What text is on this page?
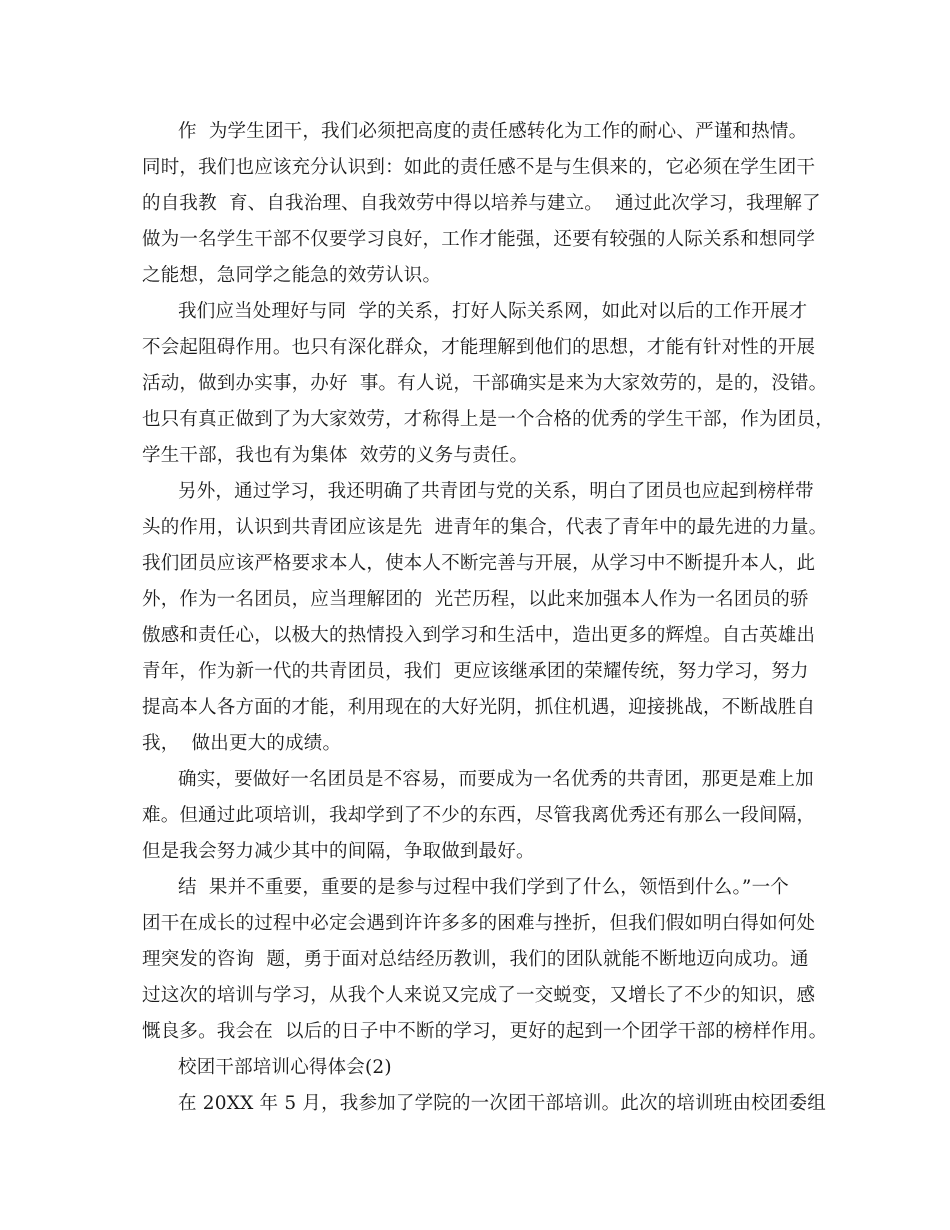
作  为学生团干，我们必须把高度的责任感转化为工作的耐心、严谨和热情。
同时，我们也应该充分认识到：如此的责任感不是与生俱来的，它必须在学生团干
的自我教  育、自我治理、自我效劳中得以培养与建立。  通过此次学习，我理解了
做为一名学生干部不仅要学习良好，工作才能强，还要有较强的人际关系和想同学
之能想，急同学之能急的效劳认识。
我们应当处理好与同  学的关系，打好人际关系网，如此对以后的工作开展才
不会起阻碍作用。也只有深化群众，才能理解到他们的思想，才能有针对性的开展
活动，做到办实事，办好  事。有人说，干部确实是来为大家效劳的，是的，没错。
也只有真正做到了为大家效劳，才称得上是一个合格的优秀的学生干部，作为团员，
学生干部，我也有为集体  效劳的义务与责任。
另外，通过学习，我还明确了共青团与党的关系，明白了团员也应起到榜样带
头的作用，认识到共青团应该是先  进青年的集合，代表了青年中的最先进的力量。
我们团员应该严格要求本人，使本人不断完善与开展，从学习中不断提升本人，此
外，作为一名团员，应当理解团的  光芒历程，以此来加强本人作为一名团员的骄
傲感和责任心，以极大的热情投入到学习和生活中，造出更多的辉煌。自古英雄出
青年，作为新一代的共青团员，我们  更应该继承团的荣耀传统，努力学习，努力
提高本人各方面的才能，利用现在的大好光阴，抓住机遇，迎接挑战，不断战胜自
我，  做出更大的成绩。
确实，要做好一名团员是不容易，而要成为一名优秀的共青团，那更是难上加
难。但通过此项培训，我却学到了不少的东西，尽管我离优秀还有那么一段间隔，
但是我会努力减少其中的间隔，争取做到最好。
结  果并不重要，重要的是参与过程中我们学到了什么，领悟到什么。”一个
团干在成长的过程中必定会遇到许许多多的困难与挫折，但我们假如明白得如何处
理突发的咨询  题，勇于面对总结经历教训，我们的团队就能不断地迈向成功。通
过这次的培训与学习，从我个人来说又完成了一交蜕变，又增长了不少的知识，感
慨良多。我会在  以后的日子中不断的学习，更好的起到一个团学干部的榜样作用。
校团干部培训心得体会(2)
在 20XX 年 5 月，我参加了学院的一次团干部培训。此次的培训班由校团委组
